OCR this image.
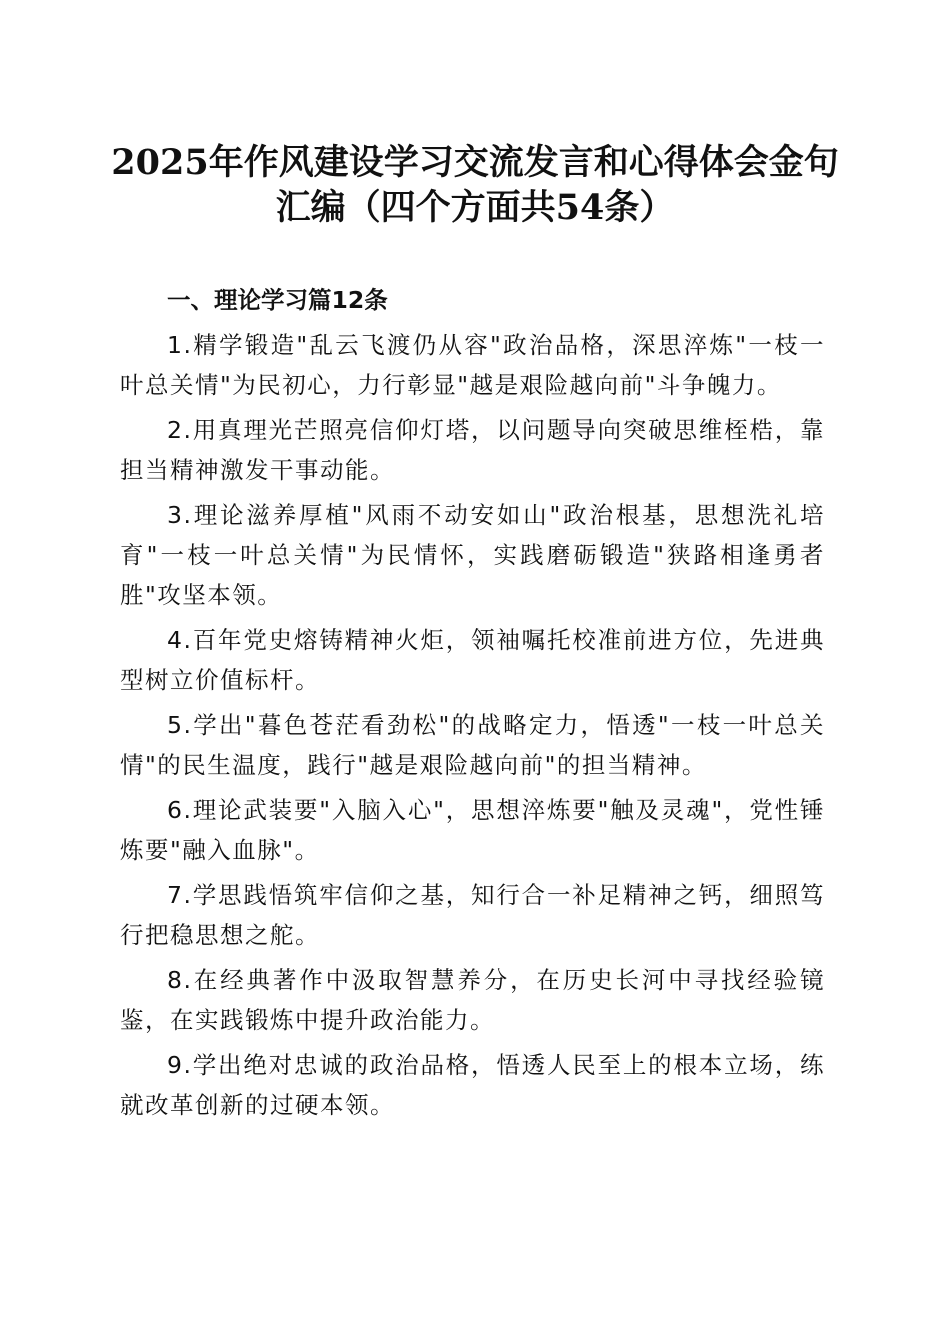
2025年作风建设学习交流发言和心得体会金句汇编（四个方面共54条）

一、理论学习篇12条

1.精学锻造"乱云飞渡仍从容"政治品格，深思淬炼"一枝一叶总关情"为民初心，力行彰显"越是艰险越向前"斗争魄力。

2.用真理光芒照亮信仰灯塔，以问题导向突破思维桎梏，靠担当精神激发干事动能。

3.理论滋养厚植"风雨不动安如山"政治根基，思想洗礼培育"一枝一叶总关情"为民情怀，实践磨砺锻造"狭路相逢勇者胜"攻坚本领。

4.百年党史熔铸精神火炬，领袖嘱托校准前进方位，先进典型树立价值标杆。

5.学出"暮色苍茫看劲松"的战略定力，悟透"一枝一叶总关情"的民生温度，践行"越是艰险越向前"的担当精神。

6.理论武装要"入脑入心"，思想淬炼要"触及灵魂"，党性锤炼要"融入血脉"。

7.学思践悟筑牢信仰之基，知行合一补足精神之钙，细照笃行把稳思想之舵。

8.在经典著作中汲取智慧养分，在历史长河中寻找经验镜鉴，在实践锻炼中提升政治能力。

9.学出绝对忠诚的政治品格，悟透人民至上的根本立场，练就改革创新的过硬本领。
